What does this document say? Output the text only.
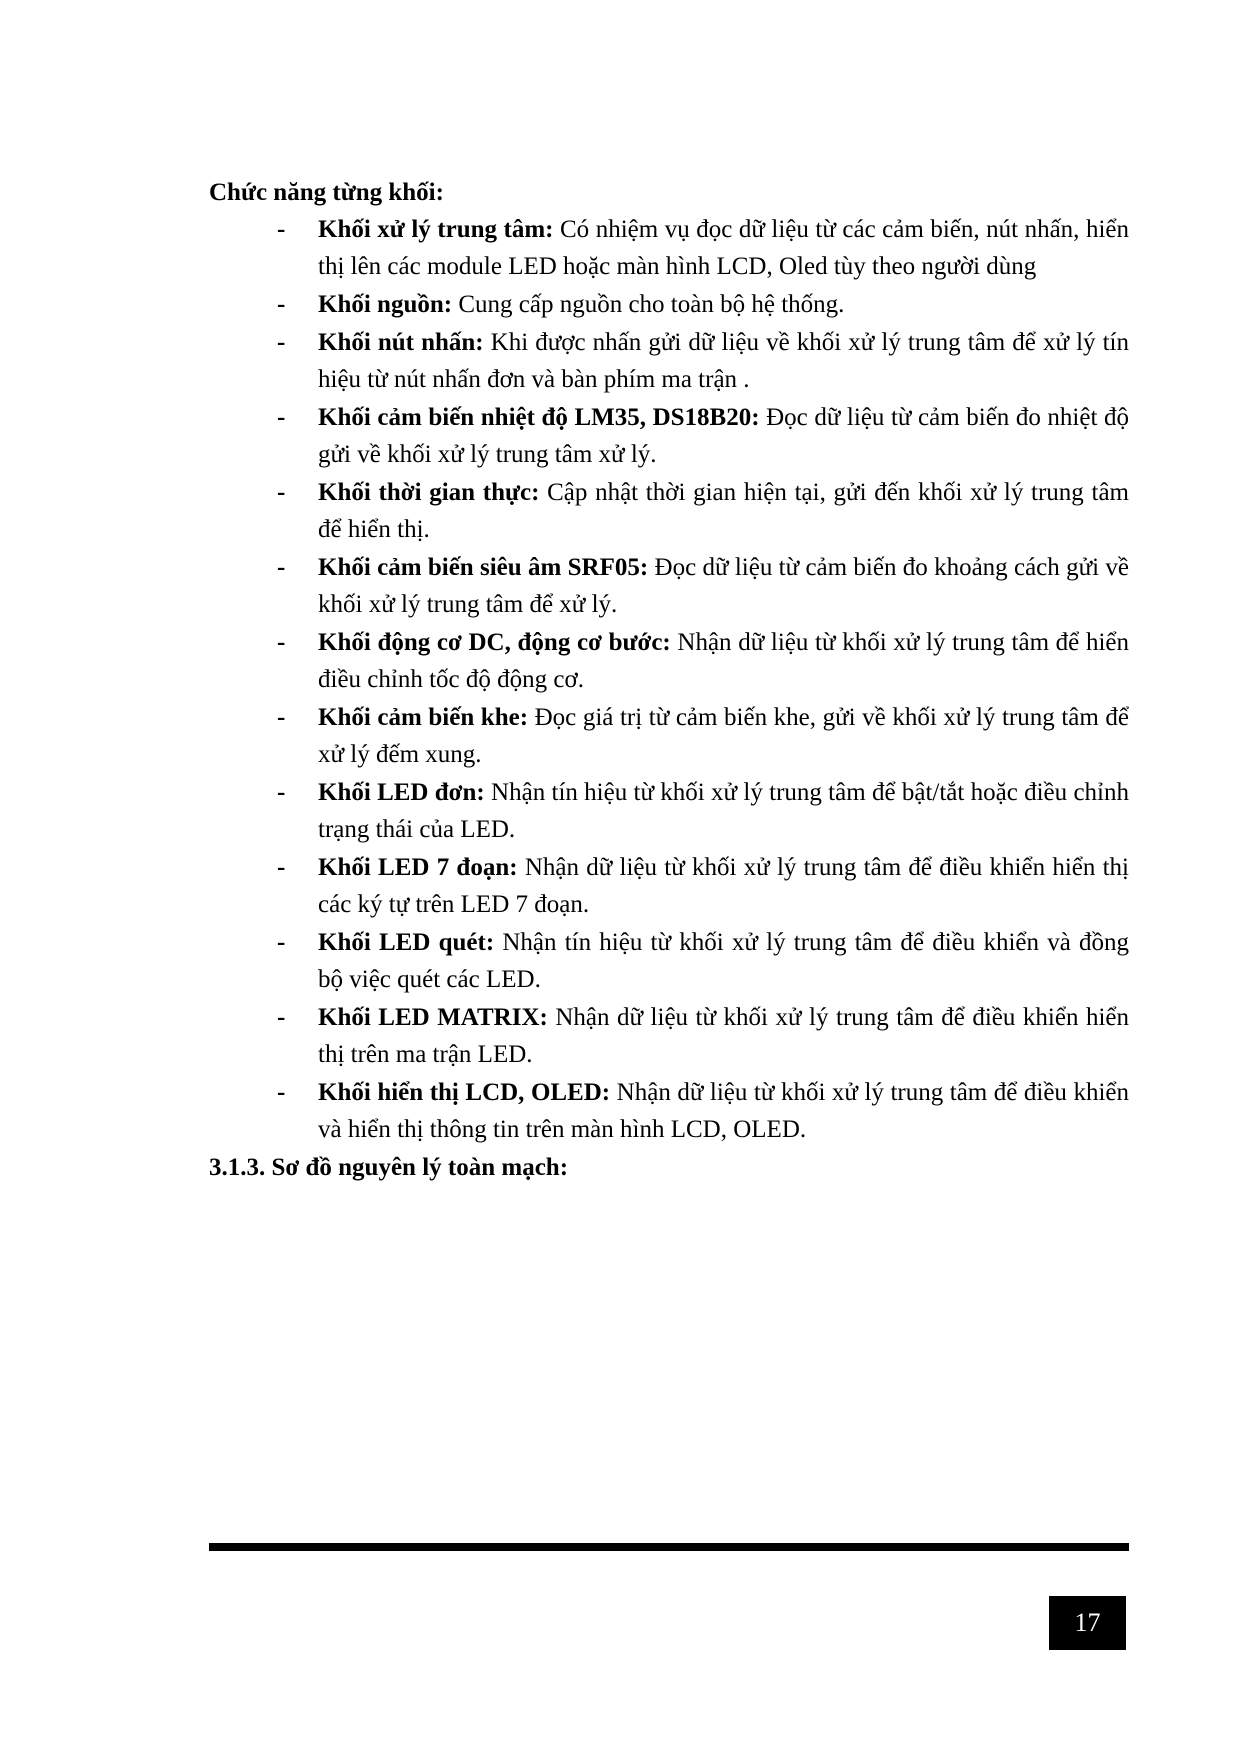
Chức năng từng khối:

- Khối xử lý trung tâm: Có nhiệm vụ đọc dữ liệu từ các cảm biến, nút nhấn, hiển thị lên các module LED hoặc màn hình LCD, Oled tùy theo người dùng
- Khối nguồn: Cung cấp nguồn cho toàn bộ hệ thống.
- Khối nút nhấn: Khi được nhấn gửi dữ liệu về khối xử lý trung tâm để xử lý tín hiệu từ nút nhấn đơn và bàn phím ma trận .
- Khối cảm biến nhiệt độ LM35, DS18B20: Đọc dữ liệu từ cảm biến đo nhiệt độ gửi về khối xử lý trung tâm xử lý.
- Khối thời gian thực: Cập nhật thời gian hiện tại, gửi đến khối xử lý trung tâm để hiển thị.
- Khối cảm biến siêu âm SRF05: Đọc dữ liệu từ cảm biến đo khoảng cách gửi về khối xử lý trung tâm để xử lý.
- Khối động cơ DC, động cơ bước: Nhận dữ liệu từ khối xử lý trung tâm để hiển điều chỉnh tốc độ động cơ.
- Khối cảm biến khe: Đọc giá trị từ cảm biến khe, gửi về khối xử lý trung tâm để xử lý đếm xung.
- Khối LED đơn: Nhận tín hiệu từ khối xử lý trung tâm để bật/tắt hoặc điều chỉnh trạng thái của LED.
- Khối LED 7 đoạn: Nhận dữ liệu từ khối xử lý trung tâm để điều khiển hiển thị các ký tự trên LED 7 đoạn.
- Khối LED quét: Nhận tín hiệu từ khối xử lý trung tâm để điều khiển và đồng bộ việc quét các LED.
- Khối LED MATRIX: Nhận dữ liệu từ khối xử lý trung tâm để điều khiển hiển thị trên ma trận LED.
- Khối hiển thị LCD, OLED: Nhận dữ liệu từ khối xử lý trung tâm để điều khiển và hiển thị thông tin trên màn hình LCD, OLED.

3.1.3. Sơ đồ nguyên lý toàn mạch:

17
